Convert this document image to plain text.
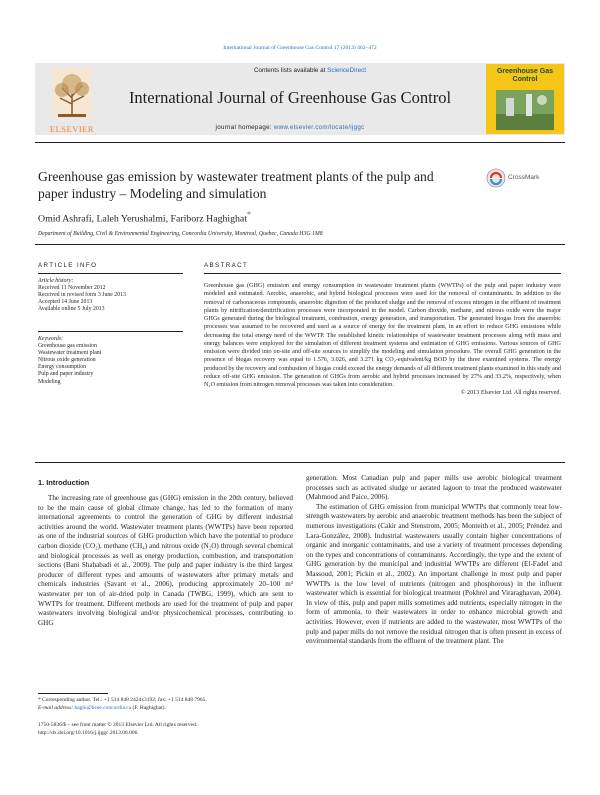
International Journal of Greenhouse Gas Control 17 (2013) 462–472
ELSEVIER
Contents lists available at ScienceDirect
International Journal of Greenhouse Gas Control
journal homepage: www.elsevier.com/locate/ijggc
Greenhouse Gas Control
Greenhouse gas emission by wastewater treatment plants of the pulp and paper industry – Modeling and simulation
CrossMark
Omid Ashrafi, Laleh Yerushalmi, Fariborz Haghighat*
Department of Building, Civil & Environmental Engineering, Concordia University, Montreal, Quebec, Canada H3G 1M8
ARTICLE INFO
Article history:
Received 11 November 2012
Received in revised form 3 June 2013
Accepted 14 June 2013
Available online 5 July 2013
Keywords:
Greenhouse gas emission
Wastewater treatment plant
Nitrous oxide generation
Energy consumption
Pulp and paper industry
Modeling
ABSTRACT
Greenhouse gas (GHG) emission and energy consumption in wastewater treatment plants (WWTPs) of the pulp and paper industry were modeled and estimated. Aerobic, anaerobic, and hybrid biological processes were used for the removal of contaminants. In addition to the removal of carbonaceous compounds, anaerobic digestion of the produced sludge and the removal of excess nitrogen in the effluent of treatment plants by nitrification/denitrification processes were incorporated in the model. Carbon dioxide, methane, and nitrous oxide were the major GHGs generated during the biological treatment, combustion, energy generation, and transportation. The generated biogas from the anaerobic processes was assumed to be recovered and used as a source of energy for the treatment plant, in an effort to reduce GHG emissions while decreasing the total energy need of the WWTP. The established kinetic relationships of wastewater treatment processes along with mass and energy balances were employed for the simulation of different treatment systems and estimation of GHG emissions. Various sources of GHG emission were divided into on-site and off-site sources to simplify the modeling and simulation procedure. The overall GHG generation in the presence of biogas recovery was equal to 1.576, 3.026, and 3.271 kg CO₂-equivalent/kg BOD by the three examined systems. The energy produced by the recovery and combustion of biogas could exceed the energy demands of all different treatment plants examined in this study and reduce off-site GHG emission. The generation of GHGs from aerobic and hybrid processes increased by 27% and 33.2%, respectively, when N₂O emission from nitrogen removal processes was taken into consideration.
© 2013 Elsevier Ltd. All rights reserved.
1. Introduction

The increasing rate of greenhouse gas (GHG) emission in the 20th century, believed to be the main cause of global climate change, has led to the formation of many international agreements to control the generation of GHG by different industrial activities around the world. Wastewater treatment plants (WWTPs) have been reported as one of the industrial sources of GHG production which have the potential to produce carbon dioxide (CO₂), methane (CH₄) and nitrous oxide (N₂O) through several chemical and biological processes as well as energy production, combustion, and transportation sections (Bani Shahabadi et al., 2009). The pulp and paper industry is the third largest producer of different types and amounts of wastewaters after primary metals and chemicals industries (Savant et al., 2006), producing approximately 20–100 m³ wastewater per ton of air-dried pulp in Canada (TWBG, 1999), which are sent to WWTPs for treatment. Different methods are used for the treatment of pulp and paper wastewaters involving biological and/or physicochemical processes, contributing to GHG

generation. Most Canadian pulp and paper mills use aerobic biological treatment processes such as activated sludge or aerated lagoon to treat the produced wastewater (Mahmood and Paice, 2006).

The estimation of GHG emission from municipal WWTPs that commonly treat low-strength wastewaters by aerobic and anaerobic treatment methods has been the subject of numerous investigations (Cakir and Stenstrom, 2005; Monteith et al., 2005; Préndez and Lara-González, 2008). Industrial wastewaters usually contain higher concentrations of organic and inorganic contaminants, and use a variety of treatment processes depending on the types and concentrations of contaminants. Accordingly, the type and the extent of GHG generation by the municipal and industrial WWTPs are different (El-Fadel and Massoud, 2001; Pickin et al., 2002). An important challenge in most pulp and paper WWTPs is the low level of nutrients (nitrogen and phosphorous) in the influent wastewater which is essential for biological treatment (Pokhrel and Viraraghavan, 2004). In view of this, pulp and paper mills sometimes add nutrients, especially nitrogen in the form of ammonia, to their wastewaters in order to enhance microbial growth and activities. However, even if nutrients are added to the wastewater, most WWTPs of the pulp and paper mills do not remove the residual nitrogen that is often present in excess of environmental standards from the effluent of the treatment plant. The

* Corresponding author. Tel.: +1 514 848 2424x3192; fax: +1 514 848 7965.
E-mail address: haghi@bcee.concordia.ca (F. Haghighat).
1750-5836/$ – see front matter © 2013 Elsevier Ltd. All rights reserved.
http://dx.doi.org/10.1016/j.ijggc.2013.06.006
